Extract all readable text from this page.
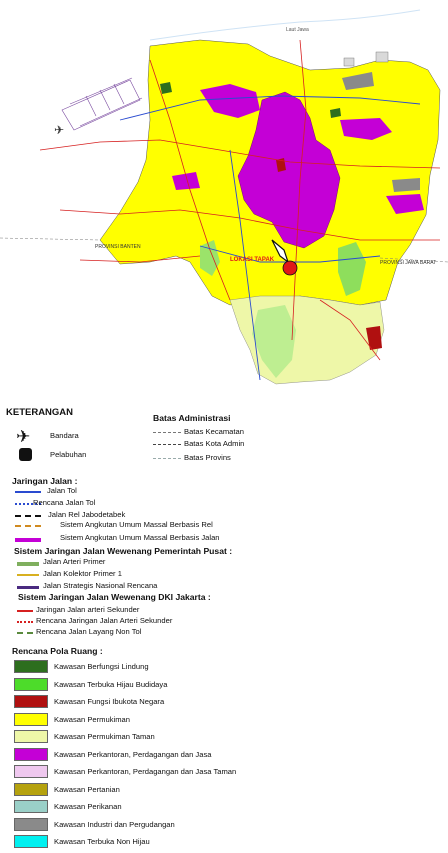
Laut Jawa
✈
PROVINSI BANTEN
PROVINSI JAWA BARAT
LOKASI TAPAK
KETERANGAN
✈	Bandara
Pelabuhan
Batas Administrasi
Batas Kecamatan
Batas Kota Admin
Batas Provins
Jaringan Jalan :
Jalan Tol
Rencana Jalan Tol
Jalan Rel Jabodetabek
Sistem Angkutan Umum Massal Berbasis Rel
Sistem Angkutan Umum Massal Berbasis Jalan
Sistem Jaringan Jalan Wewenang Pemerintah Pusat :
Jalan Arteri Primer
Jalan Kolektor Primer 1
Jalan Strategis Nasional Rencana
Sistem Jaringan Jalan Wewenang DKI Jakarta :
Jaringan Jalan arteri Sekunder
Rencana Jaringan Jalan Arteri Sekunder
Rencana Jalan Layang Non Tol
Rencana Pola Ruang :
Kawasan Berfungsi Lindung
Kawasan Terbuka Hijau Budidaya
Kawasan Fungsi Ibukota Negara
Kawasan Permukiman
Kawasan Permukiman Taman
Kawasan Perkantoran, Perdagangan dan Jasa
Kawasan Perkantoran, Perdagangan dan Jasa Taman
Kawasan Pertanian
Kawasan Perikanan
Kawasan Industri dan Pergudangan
Kawasan Terbuka Non Hijau
